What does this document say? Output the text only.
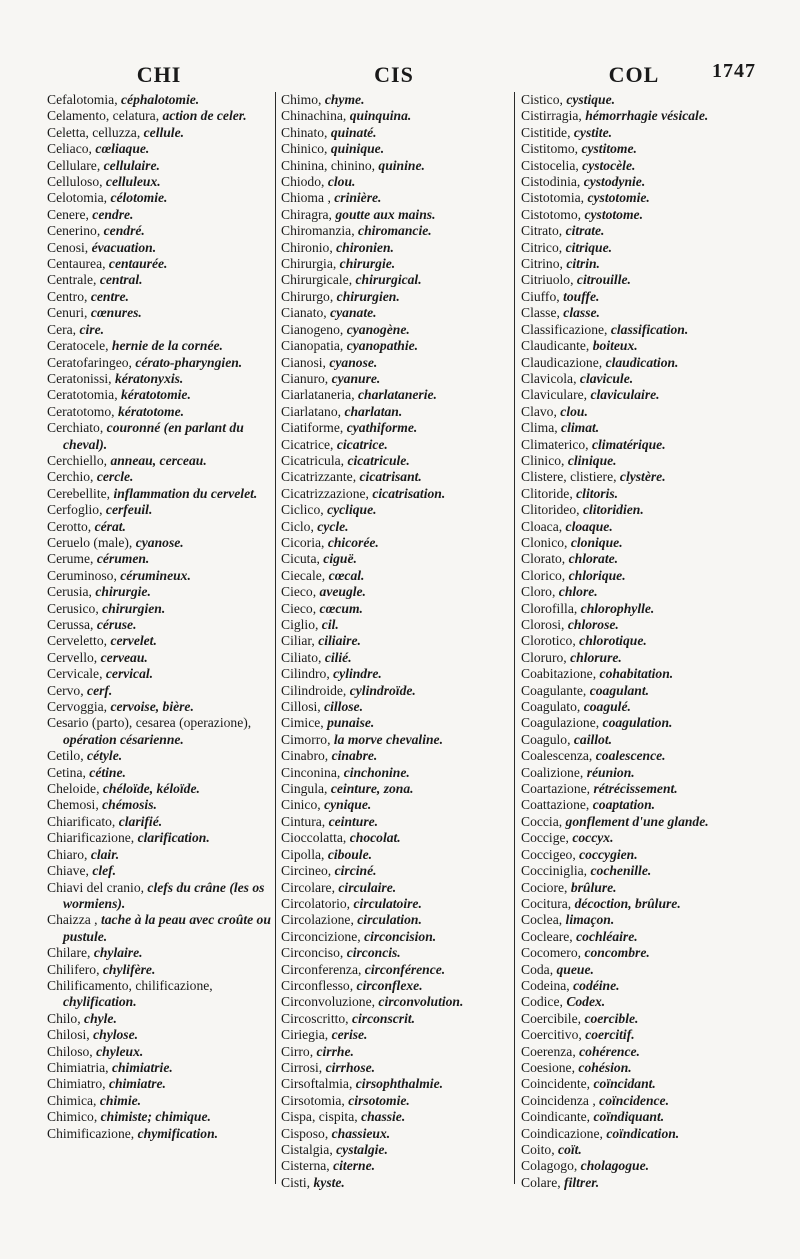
1747
CHI	CIS	COL

Cefalotomia, céphalotomie.

Celamento, celatura, action de celer.

Celetta, celluzza, cellule.

Celiaco, cœliaque.

Cellulare, cellulaire.

Celluloso, celluleux.

Celotomia, célotomie.

Cenere, cendre.

Cenerino, cendré.

Cenosi, évacuation.

Centaurea, centaurée.

Centrale, central.

Centro, centre.

Cenuri, cœnures.

Cera, cire.

Ceratocele, hernie de la cornée.

Ceratofaringeo, cérato-pharyngien.

Ceratonissi, kératonyxis.

Ceratotomia, kératotomie.

Ceratotomo, kératotome.

Cerchiato, couronné (en parlant du cheval).

Cerchiello, anneau, cerceau.

Cerchio, cercle.

Cerebellite, inflammation du cervelet.

Cerfoglio, cerfeuil.

Cerotto, cérat.

Ceruelo (male), cyanose.

Cerume, cérumen.

Ceruminoso, cérumineux.

Cerusia, chirurgie.

Cerusico, chirurgien.

Cerussa, céruse.

Cerveletto, cervelet.

Cervello, cerveau.

Cervicale, cervical.

Cervo, cerf.

Cervoggia, cervoise, bière.

Cesario (parto), cesarea (operazione), opération césarienne.

Cetilo, cétyle.

Cetina, cétine.

Cheloide, chéloïde, kéloïde.

Chemosi, chémosis.

Chiarificato, clarifié.

Chiarificazione, clarification.

Chiaro, clair.

Chiave, clef.

Chiavi del cranio, clefs du crâne (les os wormiens).

Chaizza , tache à la peau avec croûte ou pustule.

Chilare, chylaire.

Chilifero, chylifère.

Chilificamento, chilificazione, chylification.

Chilo, chyle.

Chilosi, chylose.

Chiloso, chyleux.

Chimiatria, chimiatrie.

Chimiatro, chimiatre.

Chimica, chimie.

Chimico, chimiste; chimique.

Chimificazione, chymification.

Chimo, chyme.

Chinachina, quinquina.

Chinato, quinaté.

Chinico, quinique.

Chinina, chinino, quinine.

Chiodo, clou.

Chioma , crinière.

Chiragra, goutte aux mains.

Chiromanzia, chiromancie.

Chironio, chironien.

Chirurgia, chirurgie.

Chirurgicale, chirurgical.

Chirurgo, chirurgien.

Cianato, cyanate.

Cianogeno, cyanogène.

Cianopatia, cyanopathie.

Cianosi, cyanose.

Cianuro, cyanure.

Ciarlataneria, charlatanerie.

Ciarlatano, charlatan.

Ciatiforme, cyathiforme.

Cicatrice, cicatrice.

Cicatricula, cicatricule.

Cicatrizzante, cicatrisant.

Cicatrizzazione, cicatrisation.

Ciclico, cyclique.

Ciclo, cycle.

Cicoria, chicorée.

Cicuta, ciguë.

Ciecale, cœcal.

Cieco, aveugle.

Cieco, cœcum.

Ciglio, cil.

Ciliar, ciliaire.

Ciliato, cilié.

Cilindro, cylindre.

Cilindroide, cylindroïde.

Cillosi, cillose.

Cimice, punaise.

Cimorro, la morve chevaline.

Cinabro, cinabre.

Cinconina, cinchonine.

Cingula, ceinture, zona.

Cinico, cynique.

Cintura, ceinture.

Cioccolatta, chocolat.

Cipolla, ciboule.

Circineo, circiné.

Circolare, circulaire.

Circolatorio, circulatoire.

Circolazione, circulation.

Circoncizione, circoncision.

Circonciso, circoncis.

Circonferenza, circonférence.

Circonflesso, circonflexe.

Circonvoluzione, circonvolution.

Circoscritto, circonscrit.

Ciriegia, cerise.

Cirro, cirrhe.

Cirrosi, cirrhose.

Cirsoftalmia, cirsophthalmie.

Cirsotomia, cirsotomie.

Cispa, cispita, chassie.

Cisposo, chassieux.

Cistalgia, cystalgie.

Cisterna, citerne.

Cisti, kyste.

Cistico, cystique.

Cistirragia, hémorrhagie vésicale.

Cistitide, cystite.

Cistitomo, cystitome.

Cistocelia, cystocèle.

Cistodinia, cystodynie.

Cistotomia, cystotomie.

Cistotomo, cystotome.

Citrato, citrate.

Citrico, citrique.

Citrino, citrin.

Citriuolo, citrouille.

Ciuffo, touffe.

Classe, classe.

Classificazione, classification.

Claudicante, boiteux.

Claudicazione, claudication.

Clavicola, clavicule.

Claviculare, claviculaire.

Clavo, clou.

Clima, climat.

Climaterico, climatérique.

Clinico, clinique.

Clistere, clistiere, clystère.

Clitoride, clitoris.

Clitorideo, clitoridien.

Cloaca, cloaque.

Clonico, clonique.

Clorato, chlorate.

Clorico, chlorique.

Cloro, chlore.

Clorofilla, chlorophylle.

Clorosi, chlorose.

Clorotico, chlorotique.

Cloruro, chlorure.

Coabitazione, cohabitation.

Coagulante, coagulant.

Coagulato, coagulé.

Coagulazione, coagulation.

Coagulo, caillot.

Coalescenza, coalescence.

Coalizione, réunion.

Coartazione, rétrécissement.

Coattazione, coaptation.

Coccia, gonflement d'une glande.

Coccige, coccyx.

Coccigeo, coccygien.

Cocciniglia, cochenille.

Cociore, brûlure.

Cocitura, décoction, brûlure.

Coclea, limaçon.

Cocleare, cochléaire.

Cocomero, concombre.

Coda, queue.

Codeina, codéine.

Codice, Codex.

Coercibile, coercible.

Coercitivo, coercitif.

Coerenza, cohérence.

Coesione, cohésion.

Coincidente, coïncidant.

Coincidenza , coïncidence.

Coindicante, coïndiquant.

Coindicazione, coïndication.

Coito, coït.

Colagogo, cholagogue.

Colare, filtrer.
